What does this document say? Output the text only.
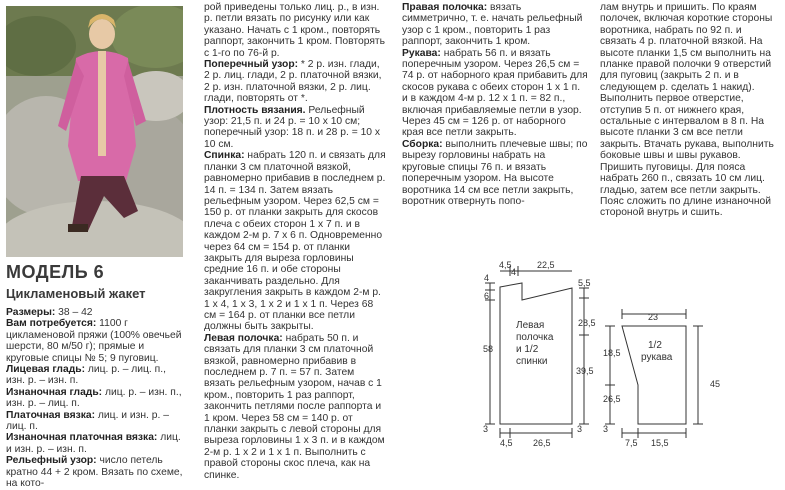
МОДЕЛЬ 6
Цикламеновый жакет

Размеры: 38 – 42

Вам потребуется: 1100 г цикламеновой пряжи (100% овечьей шерсти, 80 м/50 г); прямые и круговые спицы № 5; 9 пуговиц.

Лицевая гладь: лиц. р. – лиц. п., изн. р. – изн. п.

Изнаночная гладь: лиц. р. – изн. п., изн. р. – лиц. п.

Платочная вязка: лиц. и изн. р. – лиц. п.

Изнаночная платочная вязка: лиц. и изн. р. – изн. п.

Рельефный узор: число петель кратно 44 + 2 кром. Вязать по схеме, на кото-

рой приведены только лиц. р., в изн. р. петли вязать по рисунку или как указано. Начать с 1 кром., повторять раппорт, закончить 1 кром. Повторять с 1-го по 76-й р.

Поперечный узор: * 2 р. изн. глади, 2 р. лиц. глади, 2 р. платочной вязки, 2 р. изн. платочной вязки, 2 р. лиц. глади, повторять от *.

Плотность вязания. Рельефный узор: 21,5 п. и 24 р. = 10 х 10 см; поперечный узор: 18 п. и 28 р. = 10 х 10 см.

Спинка: набрать 120 п. и связать для планки 3 см платочной вязкой, равномерно прибавив в последнем р. 14 п. = 134 п. Затем вязать рельефным узором. Через 62,5 см = 150 р. от планки закрыть для скосов плеча с обеих сторон 1 х 7 п. и в каждом 2-м р. 7 х 6 п. Одновременно через 64 см = 154 р. от планки закрыть для выреза горловины средние 16 п. и обе стороны заканчивать раздельно. Для закругления закрыть в каждом 2-м р. 1 х 4, 1 х 3, 1 х 2 и 1 х 1 п. Через 68 см = 164 р. от планки все петли должны быть закрыты.

Левая полочка: набрать 50 п. и связать для планки 3 см платочной вязкой, равномерно прибавив в последнем р. 7 п. = 57 п. Затем вязать рельефным узором, начав с 1 кром., повторить 1 раз раппорт, закончить петлями после раппорта и 1 кром. Через 58 см = 140 р. от планки закрыть с левой стороны для выреза горловины 1 х 3 п. и в каждом 2-м р. 1 х 2 и 1 х 1 п. Выполнить с правой стороны скос плеча, как на спинке.

Правая полочка: вязать симметрично, т. е. начать рельефный узор с 1 кром., повторить 1 раз раппорт, закончить 1 кром.

Рукава: набрать 56 п. и вязать поперечным узором. Через 26,5 см = 74 р. от наборного края прибавить для скосов рукава с обеих сторон 1 х 1 п. и в каждом 4-м р. 12 х 1 п. = 82 п., включая прибавляемые петли в узор. Через 45 см = 126 р. от наборного края все петли закрыть.

Сборка: выполнить плечевые швы; по вырезу горловины набрать на круговые спицы 76 п. и вязать поперечным узором. На высоте воротника 14 см все петли закрыть, воротник отвернуть попо-

лам внутрь и пришить. По краям полочек, включая короткие стороны воротника, набрать по 92 п. и связать 4 р. платочной вязкой. На высоте планки 1,5 см выполнить на планке правой полочки 9 отверстий для пуговиц (закрыть 2 п. и в следующем р. сделать 1 накид). Выполнить первое отверстие, отступив 5 п. от нижнего края, остальные с интервалом в 8 п. На высоте планки 3 см все петли закрыть. Втачать рукава, выполнить боковые швы и швы рукавов. Пришить пуговицы. Для пояса набрать 260 п., связать 10 см лиц. гладью, затем все петли закрыть. Пояс сложить по длине изнаночной стороной внутрь и сшить.

Левая
полочка
и 1/2
спинки
4,5
4
22,5
4
6
5,5
28,5
58
39,5
3	3
4,5 26,5
1/2
рукава
23
18,5
45
26,5
3
7,5 15,5
